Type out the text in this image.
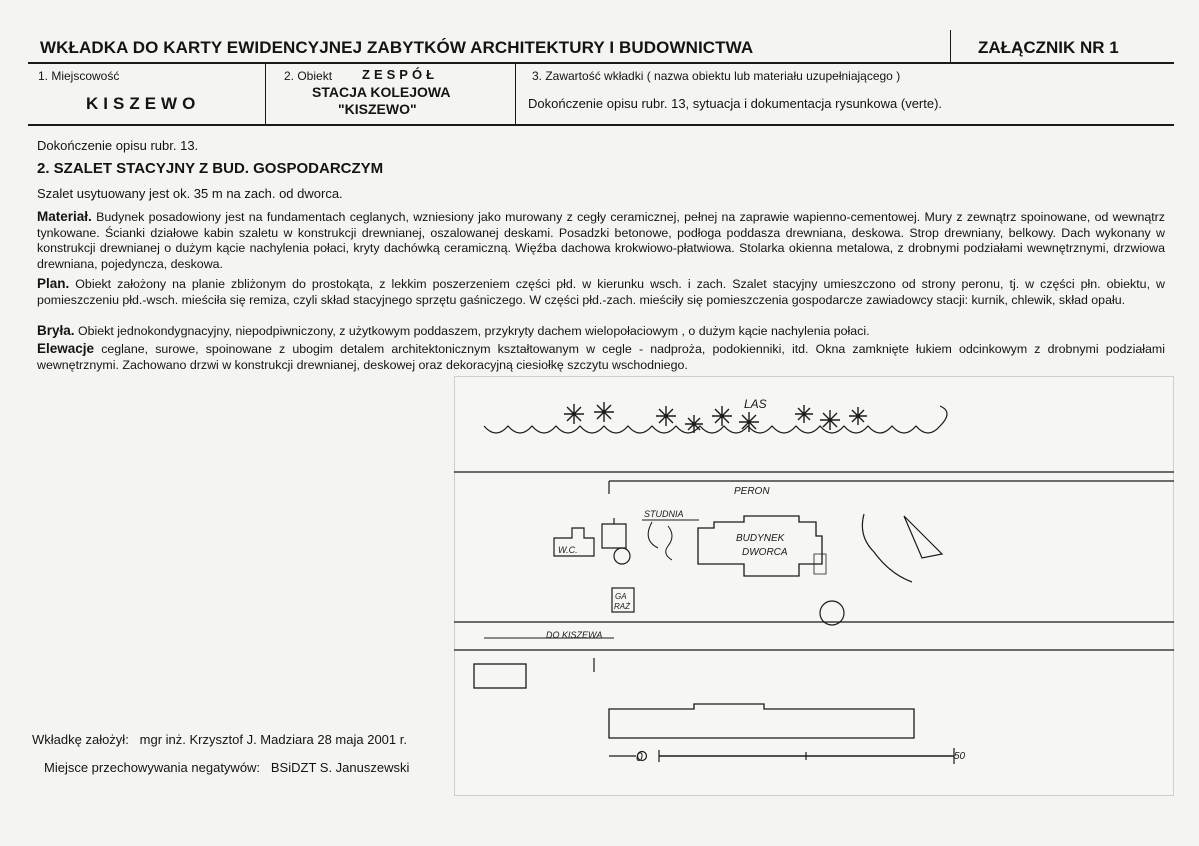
WKŁADKA DO KARTY EWIDENCYJNEJ ZABYTKÓW ARCHITEKTURY I BUDOWNICTWA	ZAŁĄCZNIK NR 1
1. Miejscowość
KISZEWO
2. Obiekt ZESPÓŁ
STACJA KOLEJOWA
"KISZEWO"
3. Zawartość wkładki ( nazwa obiektu lub materiału uzupełniającego )
Dokończenie opisu rubr. 13, sytuacja i dokumentacja rysunkowa (verte).
Dokończenie opisu rubr. 13.
2. SZALET STACYJNY Z BUD. GOSPODARCZYM
Szalet usytuowany jest ok. 35 m na zach. od dworca.
Materiał. Budynek posadowiony jest na fundamentach ceglanych, wzniesiony jako murowany z cegły ceramicznej, pełnej na zaprawie wapienno-cementowej. Mury z zewnątrz spoinowane, od wewnątrz tynkowane. Ścianki działowe kabin szaletu w konstrukcji drewnianej, oszalowanej deskami. Posadzki betonowe, podłoga poddasza drewniana, deskowa. Strop drewniany, belkowy. Dach wykonany w konstrukcji drewnianej o dużym kącie nachylenia połaci, kryty dachówką ceramiczną. Więźba dachowa krokwiowo-płatwiowa. Stolarka okienna metalowa, z drobnymi podziałami wewnętrznymi, drzwiowa drewniana, pojedyncza, deskowa.
Plan. Obiekt założony na planie zbliżonym do prostokąta, z lekkim poszerzeniem części płd. w kierunku wsch. i zach. Szalet stacyjny umieszczono od strony peronu, tj. w części płn. obiektu, w pomieszczeniu płd.-wsch. mieściła się remiza, czyli skład stacyjnego sprzętu gaśniczego. W części płd.-zach. mieściły się pomieszczenia gospodarcze zawiadowcy stacji: kurnik, chlewik, skład opału.
Bryła. Obiekt jednokondygnacyjny, niepodpiwniczony, z użytkowym poddaszem, przykryty dachem wielopołaciowym , o dużym kącie nachylenia połaci.
Elewacje ceglane, surowe, spoinowane z ubogim detalem architektonicznym kształtowanym w cegle - nadproża, podokienniki, itd. Okna zamknięte łukiem odcinkowym z drobnymi podziałami wewnętrznymi. Zachowano drzwi w konstrukcji drewnianej, deskowej oraz dekoracyjną ciesiołkę szczytu wschodniego.
Wkładkę założył: mgr inż. Krzysztof J. Madziara 28 maja 2001 r.
Miejsce przechowywania negatywów: BSiDZT S. Januszewski
LAS
PERON
W.C.
STUDNIA
BUDYNEK
DWORCA
GA
RAŻ
DO KISZEWA
0	50
